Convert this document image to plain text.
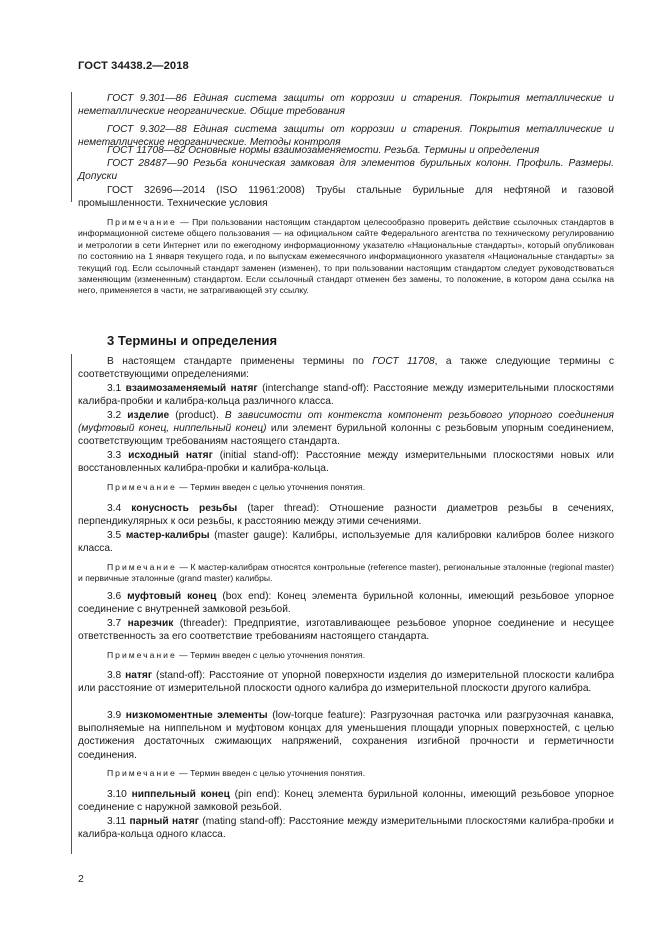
ГОСТ 34438.2—2018

ГОСТ 9.301—86 Единая система защиты от коррозии и старения. Покрытия металлические и неметаллические неорганические. Общие требования

ГОСТ 9.302—88 Единая система защиты от коррозии и старения. Покрытия металлические и неметаллические неорганические. Методы контроля

ГОСТ 11708—82 Основные нормы взаимозаменяемости. Резьба. Термины и определения

ГОСТ 28487—90 Резьба коническая замковая для элементов бурильных колонн. Профиль. Размеры. Допуски

ГОСТ 32696—2014 (ISO 11961:2008) Трубы стальные бурильные для нефтяной и газовой промышленности. Технические условия

Примечание — При пользовании настоящим стандартом целесообразно проверить действие ссылочных стандартов в информационной системе общего пользования — на официальном сайте Федерального агентства по техническому регулированию и метрологии в сети Интернет или по ежегодному информационному указателю «Национальные стандарты», который опубликован по состоянию на 1 января текущего года, и по выпускам ежемесячного информационного указателя «Национальные стандарты» за текущий год. Если ссылочный стандарт заменен (изменен), то при пользовании настоящим стандартом следует руководствоваться заменяющим (измененным) стандартом. Если ссылочный стандарт отменен без замены, то положение, в котором дана ссылка на него, применяется в части, не затрагивающей эту ссылку.

3 Термины и определения

В настоящем стандарте применены термины по ГОСТ 11708, а также следующие термины с соответствующими определениями:

3.1 взаимозаменяемый натяг (interchange stand-off): Расстояние между измерительными плоскостями калибра-пробки и калибра-кольца различного класса.

3.2 изделие (product). В зависимости от контекста компонент резьбового упорного соединения (муфтовый конец, ниппельный конец) или элемент бурильной колонны с резьбовым упорным соединением, соответствующим требованиям настоящего стандарта.

3.3 исходный натяг (initial stand-off): Расстояние между измерительными плоскостями новых или восстановленных калибра-пробки и калибра-кольца.

Примечание — Термин введен с целью уточнения понятия.

3.4 конусность резьбы (taper thread): Отношение разности диаметров резьбы в сечениях, перпендикулярных к оси резьбы, к расстоянию между этими сечениями.

3.5 мастер-калибры (master gauge): Калибры, используемые для калибровки калибров более низкого класса.

Примечание — К мастер-калибрам относятся контрольные (reference master), региональные эталонные (regional master) и первичные эталонные (grand master) калибры.

3.6 муфтовый конец (box end): Конец элемента бурильной колонны, имеющий резьбовое упорное соединение с внутренней замковой резьбой.

3.7 нарезчик (threader): Предприятие, изготавливающее резьбовое упорное соединение и несущее ответственность за его соответствие требованиям настоящего стандарта.

Примечание — Термин введен с целью уточнения понятия.

3.8 натяг (stand-off): Расстояние от упорной поверхности изделия до измерительной плоскости калибра или расстояние от измерительной плоскости одного калибра до измерительной плоскости другого калибра.

3.9 низкомоментные элементы (low-torque feature): Разгрузочная расточка или разгрузочная канавка, выполняемые на ниппельном и муфтовом концах для уменьшения площади упорных поверхностей, с целью достижения достаточных сжимающих напряжений, сохранения изгибной прочности и герметичности соединения.

Примечание — Термин введен с целью уточнения понятия.

3.10 ниппельный конец (pin end): Конец элемента бурильной колонны, имеющий резьбовое упорное соединение с наружной замковой резьбой.

3.11 парный натяг (mating stand-off): Расстояние между измерительными плоскостями калибра-пробки и калибра-кольца одного класса.

2
